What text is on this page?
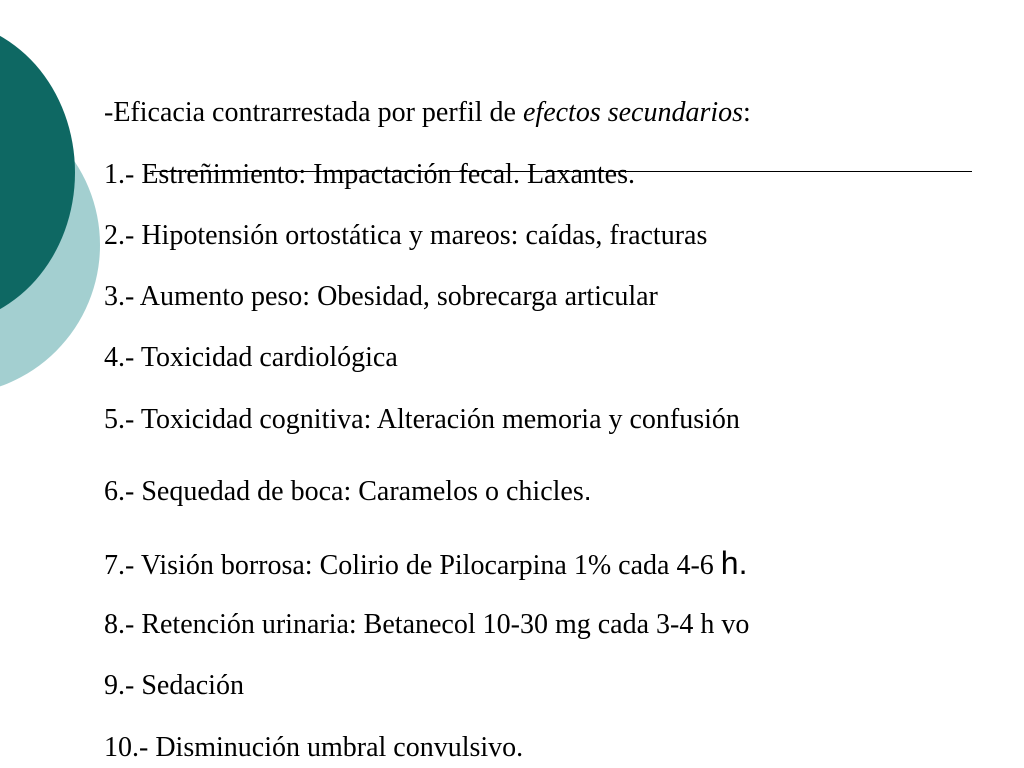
-Eficacia contrarrestada por perfil de efectos secundarios:

1.- Estreñimiento: Impactación fecal. Laxantes.

2.- Hipotensión ortostática y mareos: caídas, fracturas

3.- Aumento peso: Obesidad, sobrecarga articular

4.- Toxicidad cardiológica

5.- Toxicidad cognitiva: Alteración memoria y confusión

6.- Sequedad de boca: Caramelos o chicles.

7.- Visión borrosa: Colirio de Pilocarpina 1% cada 4-6 h.

8.- Retención urinaria: Betanecol 10-30 mg cada 3-4 h vo

9.- Sedación

10.- Disminución umbral convulsivo.
